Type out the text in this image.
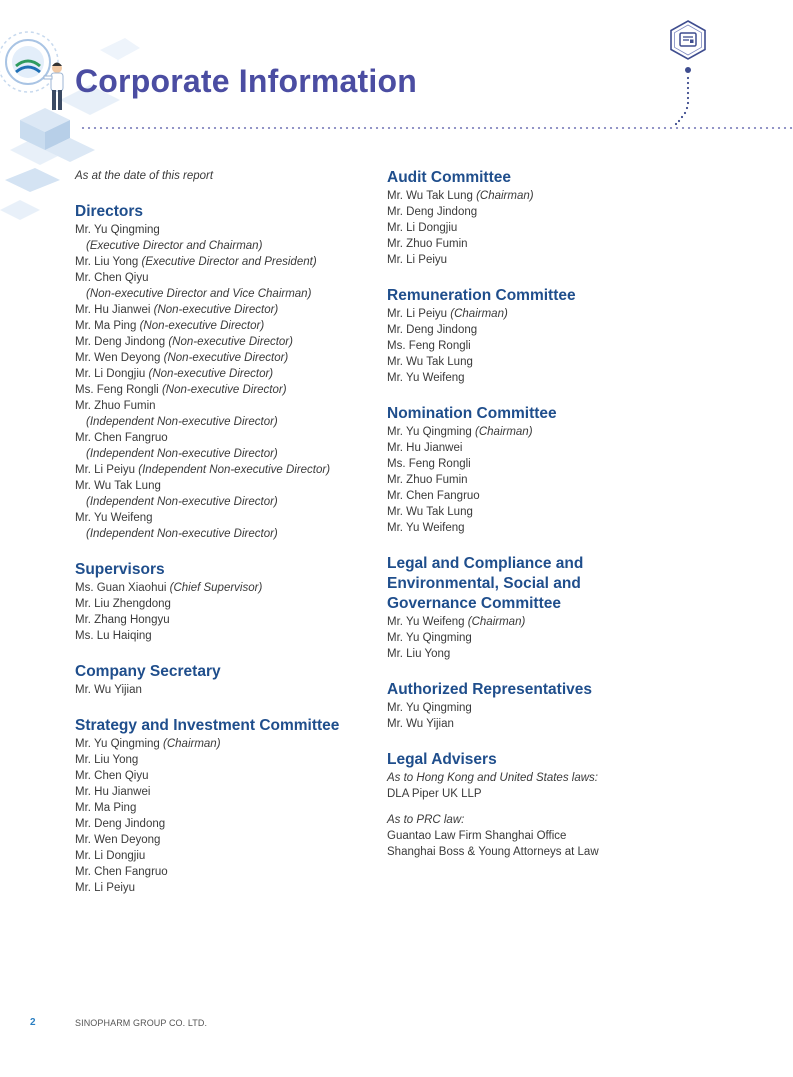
Corporate Information
As at the date of this report
Directors
Mr. Yu Qingming
(Executive Director and Chairman)
Mr. Liu Yong (Executive Director and President)
Mr. Chen Qiyu
(Non-executive Director and Vice Chairman)
Mr. Hu Jianwei (Non-executive Director)
Mr. Ma Ping (Non-executive Director)
Mr. Deng Jindong (Non-executive Director)
Mr. Wen Deyong (Non-executive Director)
Mr. Li Dongjiu (Non-executive Director)
Ms. Feng Rongli (Non-executive Director)
Mr. Zhuo Fumin
(Independent Non-executive Director)
Mr. Chen Fangruo
(Independent Non-executive Director)
Mr. Li Peiyu (Independent Non-executive Director)
Mr. Wu Tak Lung
(Independent Non-executive Director)
Mr. Yu Weifeng
(Independent Non-executive Director)
Supervisors
Ms. Guan Xiaohui (Chief Supervisor)
Mr. Liu Zhengdong
Mr. Zhang Hongyu
Ms. Lu Haiqing
Company Secretary
Mr. Wu Yijian
Strategy and Investment Committee
Mr. Yu Qingming (Chairman)
Mr. Liu Yong
Mr. Chen Qiyu
Mr. Hu Jianwei
Mr. Ma Ping
Mr. Deng Jindong
Mr. Wen Deyong
Mr. Li Dongjiu
Mr. Chen Fangruo
Mr. Li Peiyu
Audit Committee
Mr. Wu Tak Lung (Chairman)
Mr. Deng Jindong
Mr. Li Dongjiu
Mr. Zhuo Fumin
Mr. Li Peiyu
Remuneration Committee
Mr. Li Peiyu (Chairman)
Mr. Deng Jindong
Ms. Feng Rongli
Mr. Wu Tak Lung
Mr. Yu Weifeng
Nomination Committee
Mr. Yu Qingming (Chairman)
Mr. Hu Jianwei
Ms. Feng Rongli
Mr. Zhuo Fumin
Mr. Chen Fangruo
Mr. Wu Tak Lung
Mr. Yu Weifeng
Legal and Compliance and
Environmental, Social and
Governance Committee
Mr. Yu Weifeng (Chairman)
Mr. Yu Qingming
Mr. Liu Yong
Authorized Representatives
Mr. Yu Qingming
Mr. Wu Yijian
Legal Advisers
As to Hong Kong and United States laws:
DLA Piper UK LLP
As to PRC law:
Guantao Law Firm Shanghai Office
Shanghai Boss & Young Attorneys at Law
2	SINOPHARM GROUP CO. LTD.
